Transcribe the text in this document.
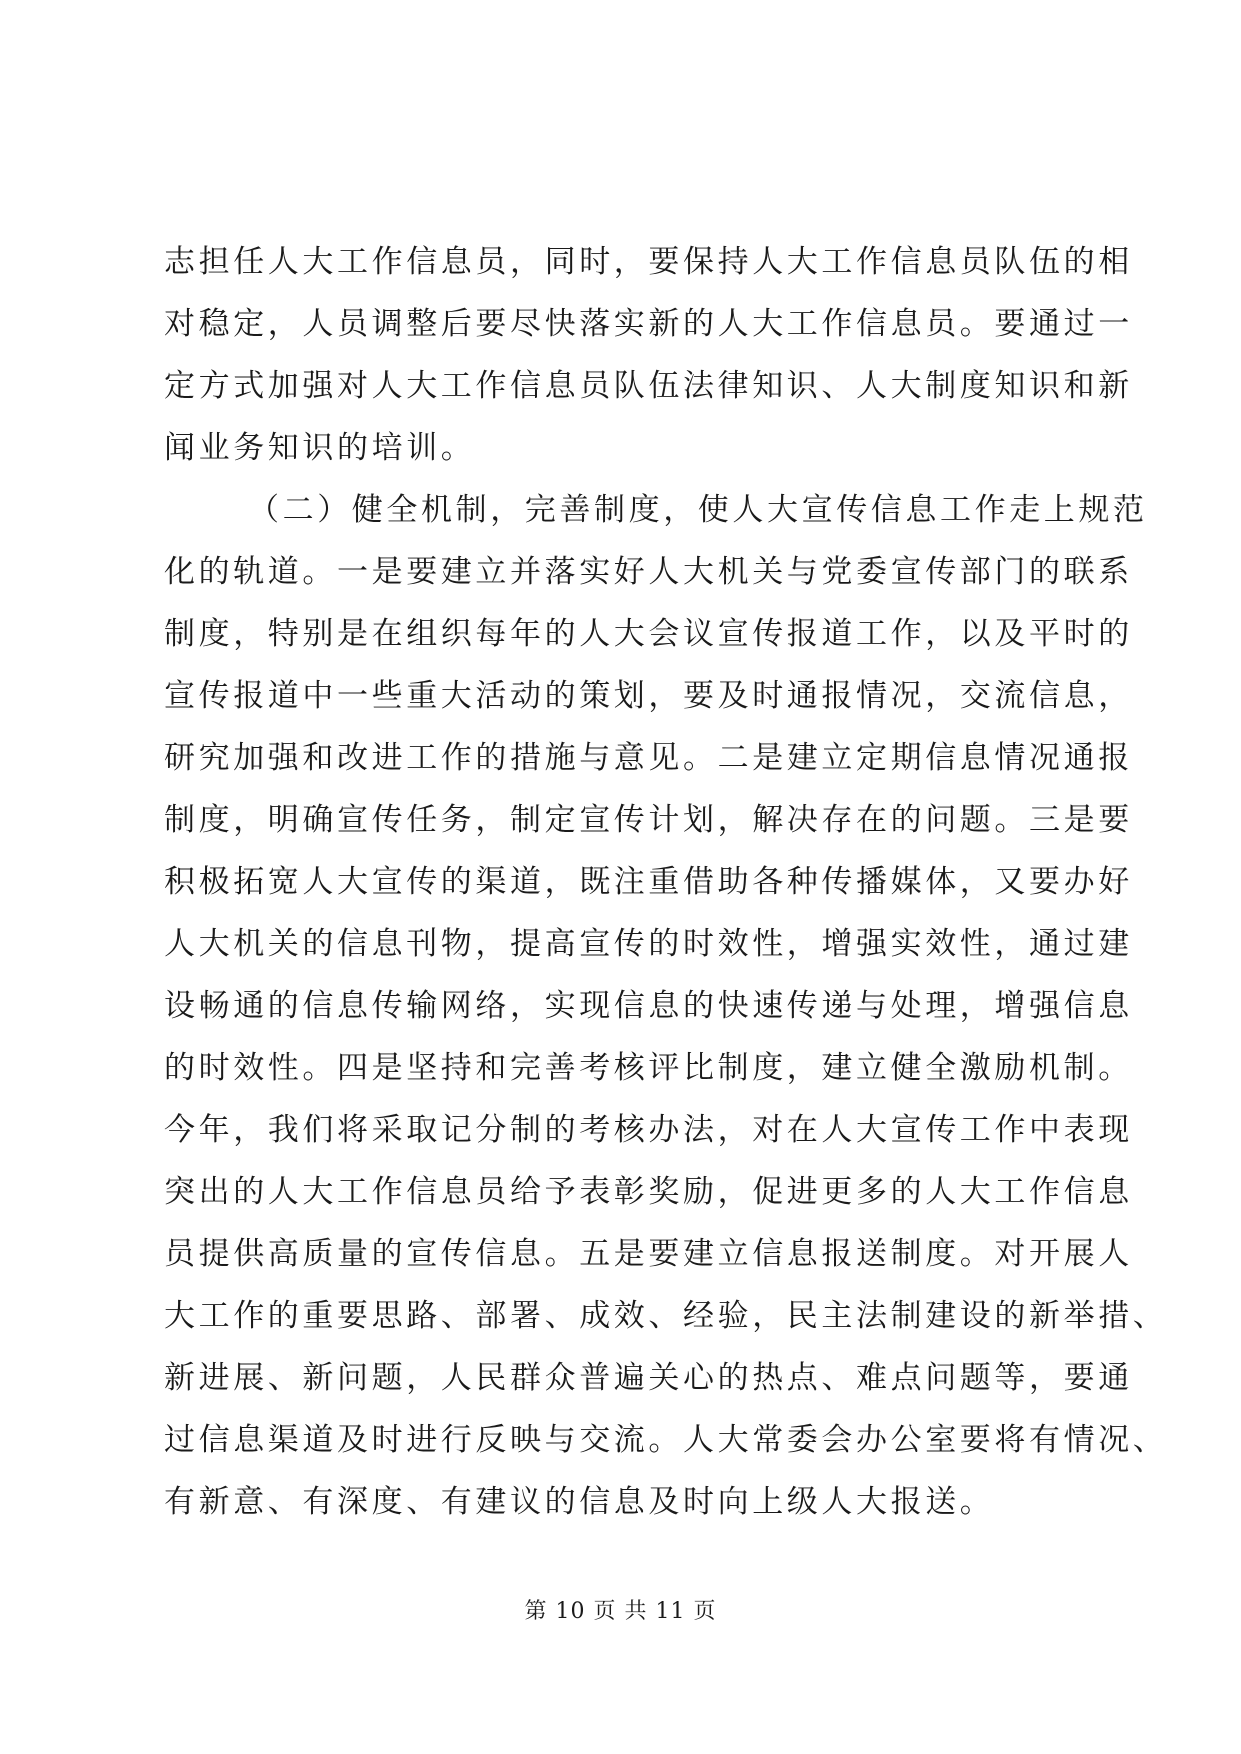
志担任人大工作信息员，同时，要保持人大工作信息员队伍的相
对稳定，人员调整后要尽快落实新的人大工作信息员。要通过一
定方式加强对人大工作信息员队伍法律知识、人大制度知识和新
闻业务知识的培训。
（二）健全机制，完善制度，使人大宣传信息工作走上规范
化的轨道。一是要建立并落实好人大机关与党委宣传部门的联系
制度，特别是在组织每年的人大会议宣传报道工作，以及平时的
宣传报道中一些重大活动的策划，要及时通报情况，交流信息，
研究加强和改进工作的措施与意见。二是建立定期信息情况通报
制度，明确宣传任务，制定宣传计划，解决存在的问题。三是要
积极拓宽人大宣传的渠道，既注重借助各种传播媒体，又要办好
人大机关的信息刊物，提高宣传的时效性，增强实效性，通过建
设畅通的信息传输网络，实现信息的快速传递与处理，增强信息
的时效性。四是坚持和完善考核评比制度，建立健全激励机制。
今年，我们将采取记分制的考核办法，对在人大宣传工作中表现
突出的人大工作信息员给予表彰奖励，促进更多的人大工作信息
员提供高质量的宣传信息。五是要建立信息报送制度。对开展人
大工作的重要思路、部署、成效、经验，民主法制建设的新举措、
新进展、新问题，人民群众普遍关心的热点、难点问题等，要通
过信息渠道及时进行反映与交流。人大常委会办公室要将有情况、
有新意、有深度、有建议的信息及时向上级人大报送。
第 10 页 共 11 页
